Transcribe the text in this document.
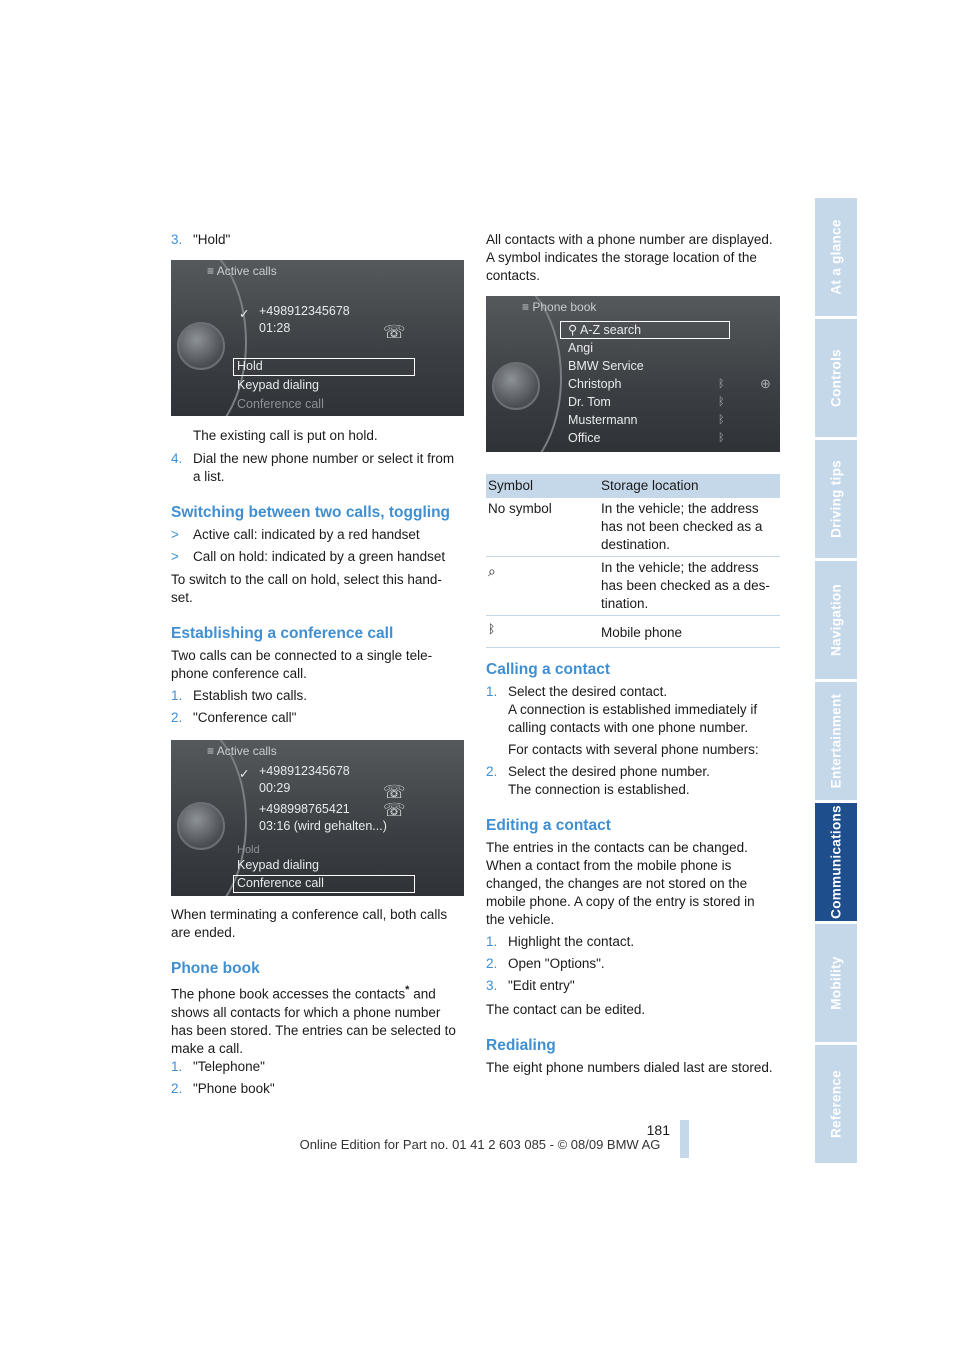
At a glance
Controls
Driving tips
Navigation
Entertainment
Communications
Mobility
Reference
3. "Hold"
≡ Active calls
✓ +498912345678
01:28	☏
Hold
Keypad dialing
Conference call
The existing call is put on hold.
4. Dial the new phone number or select it from
a list.
Switching between two calls, toggling
> Active call: indicated by a red handset
> Call on hold: indicated by a green handset
To switch to the call on hold, select this hand-
set.
Establishing a conference call
Two calls can be connected to a single tele-
phone conference call.
1. Establish two calls.
2. "Conference call"
≡ Active calls
✓ +498912345678
00:29	☏
+498998765421
03:16 (wird gehalten...)
☏
Hold
Keypad dialing
Conference call
When terminating a conference call, both calls
are ended.
Phone book
The phone book accesses the contacts* and
shows all contacts for which a phone number
has been stored. The entries can be selected to
make a call.
1. "Telephone"
2. "Phone book"
All contacts with a phone number are displayed.
A symbol indicates the storage location of the
contacts.
≡ Phone book
⚲ A-Z search
Angi
BMW Service
Christoph
Dr. Tom
Mustermann
Office
ᛒ
ᛒ
ᛒ
ᛒ
⊕
Symbol	Storage location
No symbol	In the vehicle; the address
has not been checked as a
destination.
⌕	In the vehicle; the address
has been checked as a des-
tination.
ᛒ	Mobile phone
Calling a contact
1. Select the desired contact.
A connection is established immediately if
calling contacts with one phone number.
For contacts with several phone numbers:
2. Select the desired phone number.
The connection is established.
Editing a contact
The entries in the contacts can be changed.
When a contact from the mobile phone is
changed, the changes are not stored on the
mobile phone. A copy of the entry is stored in
the vehicle.
1. Highlight the contact.
2. Open "Options".
3. "Edit entry"
The contact can be edited.
Redialing
The eight phone numbers dialed last are stored.
181
Online Edition for Part no. 01 41 2 603 085 - © 08/09 BMW AG
